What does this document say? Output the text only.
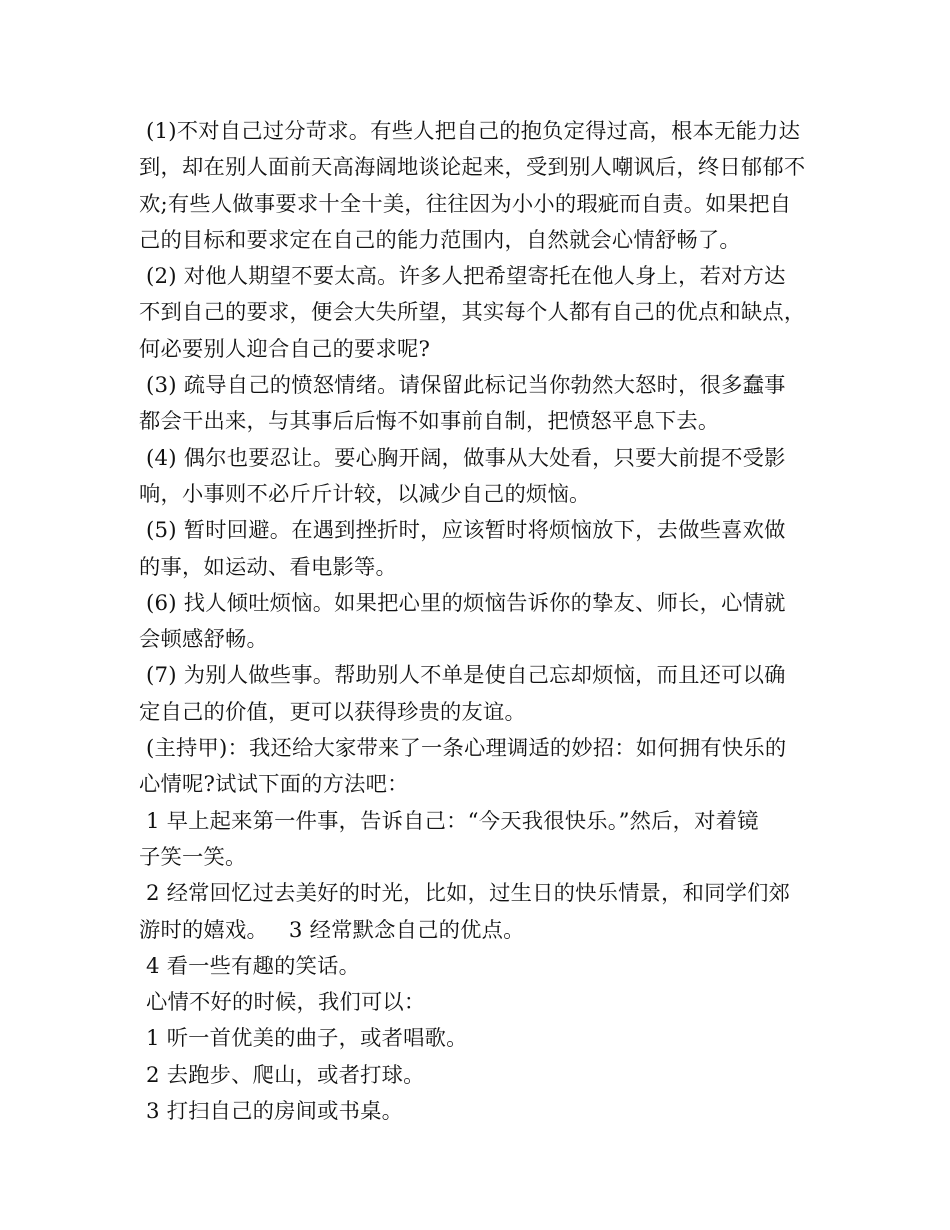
(1)不对自己过分苛求。有些人把自己的抱负定得过高，根本无能力达
到，却在别人面前天高海阔地谈论起来，受到别人嘲讽后，终日郁郁不
欢;有些人做事要求十全十美，往往因为小小的瑕疵而自责。如果把自
己的目标和要求定在自己的能力范围内，自然就会心情舒畅了。
(2) 对他人期望不要太高。许多人把希望寄托在他人身上，若对方达
不到自己的要求，便会大失所望，其实每个人都有自己的优点和缺点，
何必要别人迎合自己的要求呢?
(3) 疏导自己的愤怒情绪。请保留此标记当你勃然大怒时，很多蠢事
都会干出来，与其事后后悔不如事前自制，把愤怒平息下去。
(4) 偶尔也要忍让。要心胸开阔，做事从大处看，只要大前提不受影
响，小事则不必斤斤计较，以减少自己的烦恼。
(5) 暂时回避。在遇到挫折时，应该暂时将烦恼放下，去做些喜欢做
的事，如运动、看电影等。
(6) 找人倾吐烦恼。如果把心里的烦恼告诉你的挚友、师长，心情就
会顿感舒畅。
(7) 为别人做些事。帮助别人不单是使自己忘却烦恼，而且还可以确
定自己的价值，更可以获得珍贵的友谊。
(主持甲)：我还给大家带来了一条心理调适的妙招：如何拥有快乐的
心情呢?试试下面的方法吧：
1 早上起来第一件事，告诉自己：“今天我很快乐。”然后，对着镜
子笑一笑。
2 经常回忆过去美好的时光，比如，过生日的快乐情景，和同学们郊
游时的嬉戏。   3 经常默念自己的优点。
4 看一些有趣的笑话。
心情不好的时候，我们可以：
1 听一首优美的曲子，或者唱歌。
2 去跑步、爬山，或者打球。
3 打扫自己的房间或书桌。
